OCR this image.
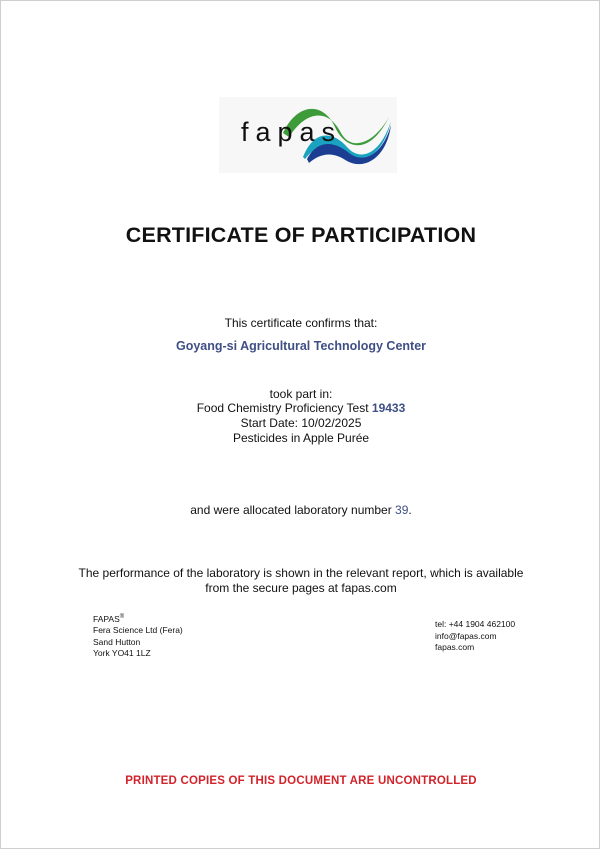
fapas
CERTIFICATE OF PARTICIPATION
This certificate confirms that:
Goyang-si Agricultural Technology Center
took part in:
Food Chemistry Proficiency Test 19433
Start Date: 10/02/2025
Pesticides in Apple Purée
and were allocated laboratory number 39.
The performance of the laboratory is shown in the relevant report, which is available
from the secure pages at fapas.com
FAPAS®
Fera Science Ltd (Fera)
Sand Hutton
York YO41 1LZ
tel: +44 1904 462100
info@fapas.com
fapas.com
PRINTED COPIES OF THIS DOCUMENT ARE UNCONTROLLED
